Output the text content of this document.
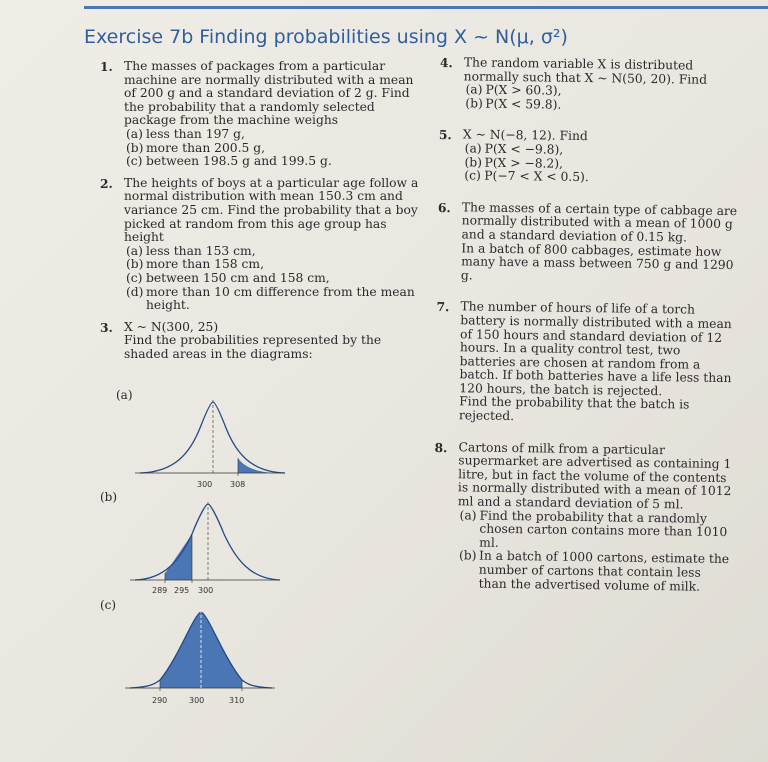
Exercise 7b Finding probabilities using X ~ N(μ, σ²)
1. The masses of packages from a particular machine are normally distributed with a mean of 200 g and a standard deviation of 2 g. Find the probability that a randomly selected package from the machine weighs
(a) less than 197 g,
(b) more than 200.5 g,
(c) between 198.5 g and 199.5 g.
2. The heights of boys at a particular age follow a normal distribution with mean 150.3 cm and variance 25 cm. Find the probability that a boy picked at random from this age group has height
(a) less than 153 cm,
(b) more than 158 cm,
(c) between 150 cm and 158 cm,
(d) more than 10 cm difference from the mean height.
3. X ~ N(300, 25)
Find the probabilities represented by the shaded areas in the diagrams:
(a)
(b)
(c)
300 308
289 295 300
290	300	310
4. The random variable X is distributed normally such that X ~ N(50, 20). Find
(a) P(X > 60.3),
(b) P(X < 59.8).
5. X ~ N(−8, 12). Find
(a) P(X < −9.8),
(b) P(X > −8.2),
(c) P(−7 < X < 0.5).
6. The masses of a certain type of cabbage are normally distributed with a mean of 1000 g and a standard deviation of 0.15 kg.
In a batch of 800 cabbages, estimate how many have a mass between 750 g and 1290 g.
7. The number of hours of life of a torch battery is normally distributed with a mean of 150 hours and standard deviation of 12 hours. In a quality control test, two batteries are chosen at random from a batch. If both batteries have a life less than 120 hours, the batch is rejected.
Find the probability that the batch is rejected.
8. Cartons of milk from a particular supermarket are advertised as containing 1 litre, but in fact the volume of the contents is normally distributed with a mean of 1012 ml and a standard deviation of 5 ml.
(a) Find the probability that a randomly chosen carton contains more than 1010 ml.
(b) In a batch of 1000 cartons, estimate the number of cartons that contain less than the advertised volume of milk.
